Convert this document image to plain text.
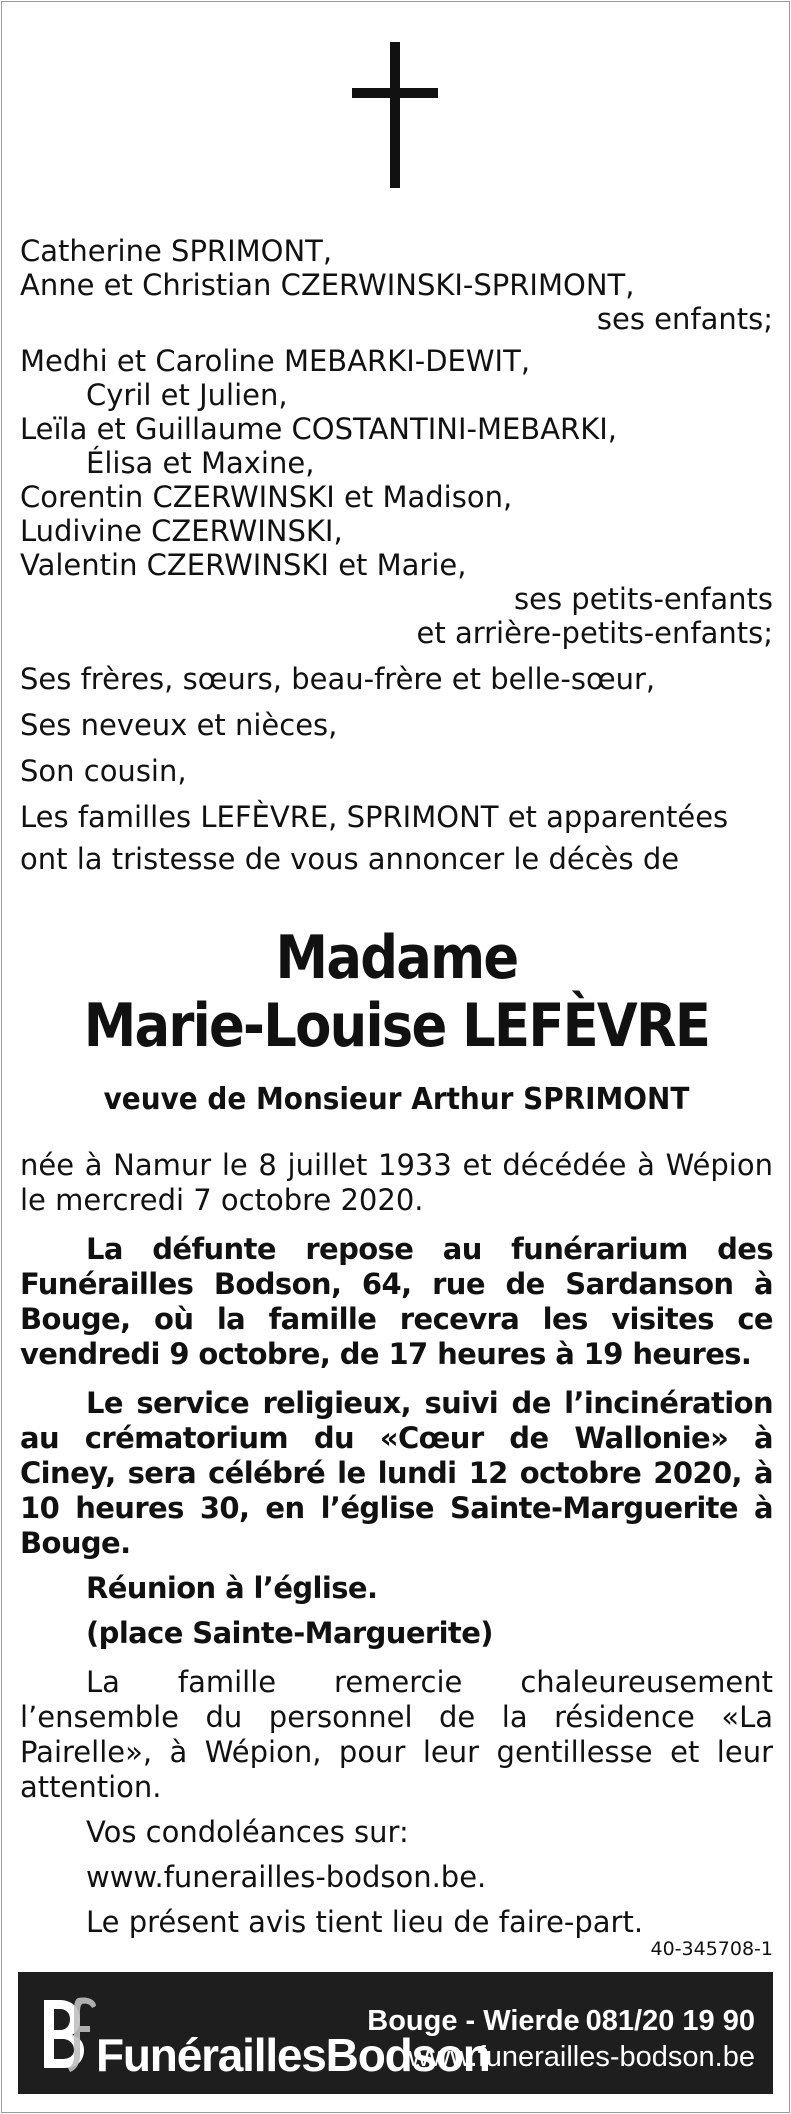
Catherine SPRIMONT,
Anne et Christian CZERWINSKI-SPRIMONT,
ses enfants;
Medhi et Caroline MEBARKI-DEWIT,
Cyril et Julien,
Leïla et Guillaume COSTANTINI-MEBARKI,
Élisa et Maxine,
Corentin CZERWINSKI et Madison,
Ludivine CZERWINSKI,
Valentin CZERWINSKI et Marie,
ses petits-enfants
et arrière-petits-enfants;
Ses frères, sœurs, beau-frère et belle-sœur,
Ses neveux et nièces,
Son cousin,
Les familles LEFÈVRE, SPRIMONT et apparentées
ont la tristesse de vous annoncer le décès de
Madame
Marie-Louise LEFÈVRE
veuve de Monsieur Arthur SPRIMONT
née à Namur le 8 juillet 1933 et décédée à Wépion le mercredi 7 octobre 2020.
La défunte repose au funérarium des Funérailles Bodson, 64, rue de Sardanson à Bouge, où la famille recevra les visites ce vendredi 9 octobre, de 17 heures à 19 heures.
Le service religieux, suivi de l’incinération au crématorium du «Cœur de Wallonie» à Ciney, sera célébré le lundi 12 octobre 2020, à 10 heures 30, en l’église Sainte-Marguerite à Bouge.
Réunion à l’église.
(place Sainte-Marguerite)
La famille remercie chaleureusement l’ensemble du personnel de la résidence «La Pairelle», à Wépion, pour leur gentillesse et leur attention.
Vos condoléances sur:
www.funerailles-bodson.be.
Le présent avis tient lieu de faire-part.
40-345708-1
FunéraillesBodson
Bouge - Wierde 081/20 19 90
www.funerailles-bodson.be
